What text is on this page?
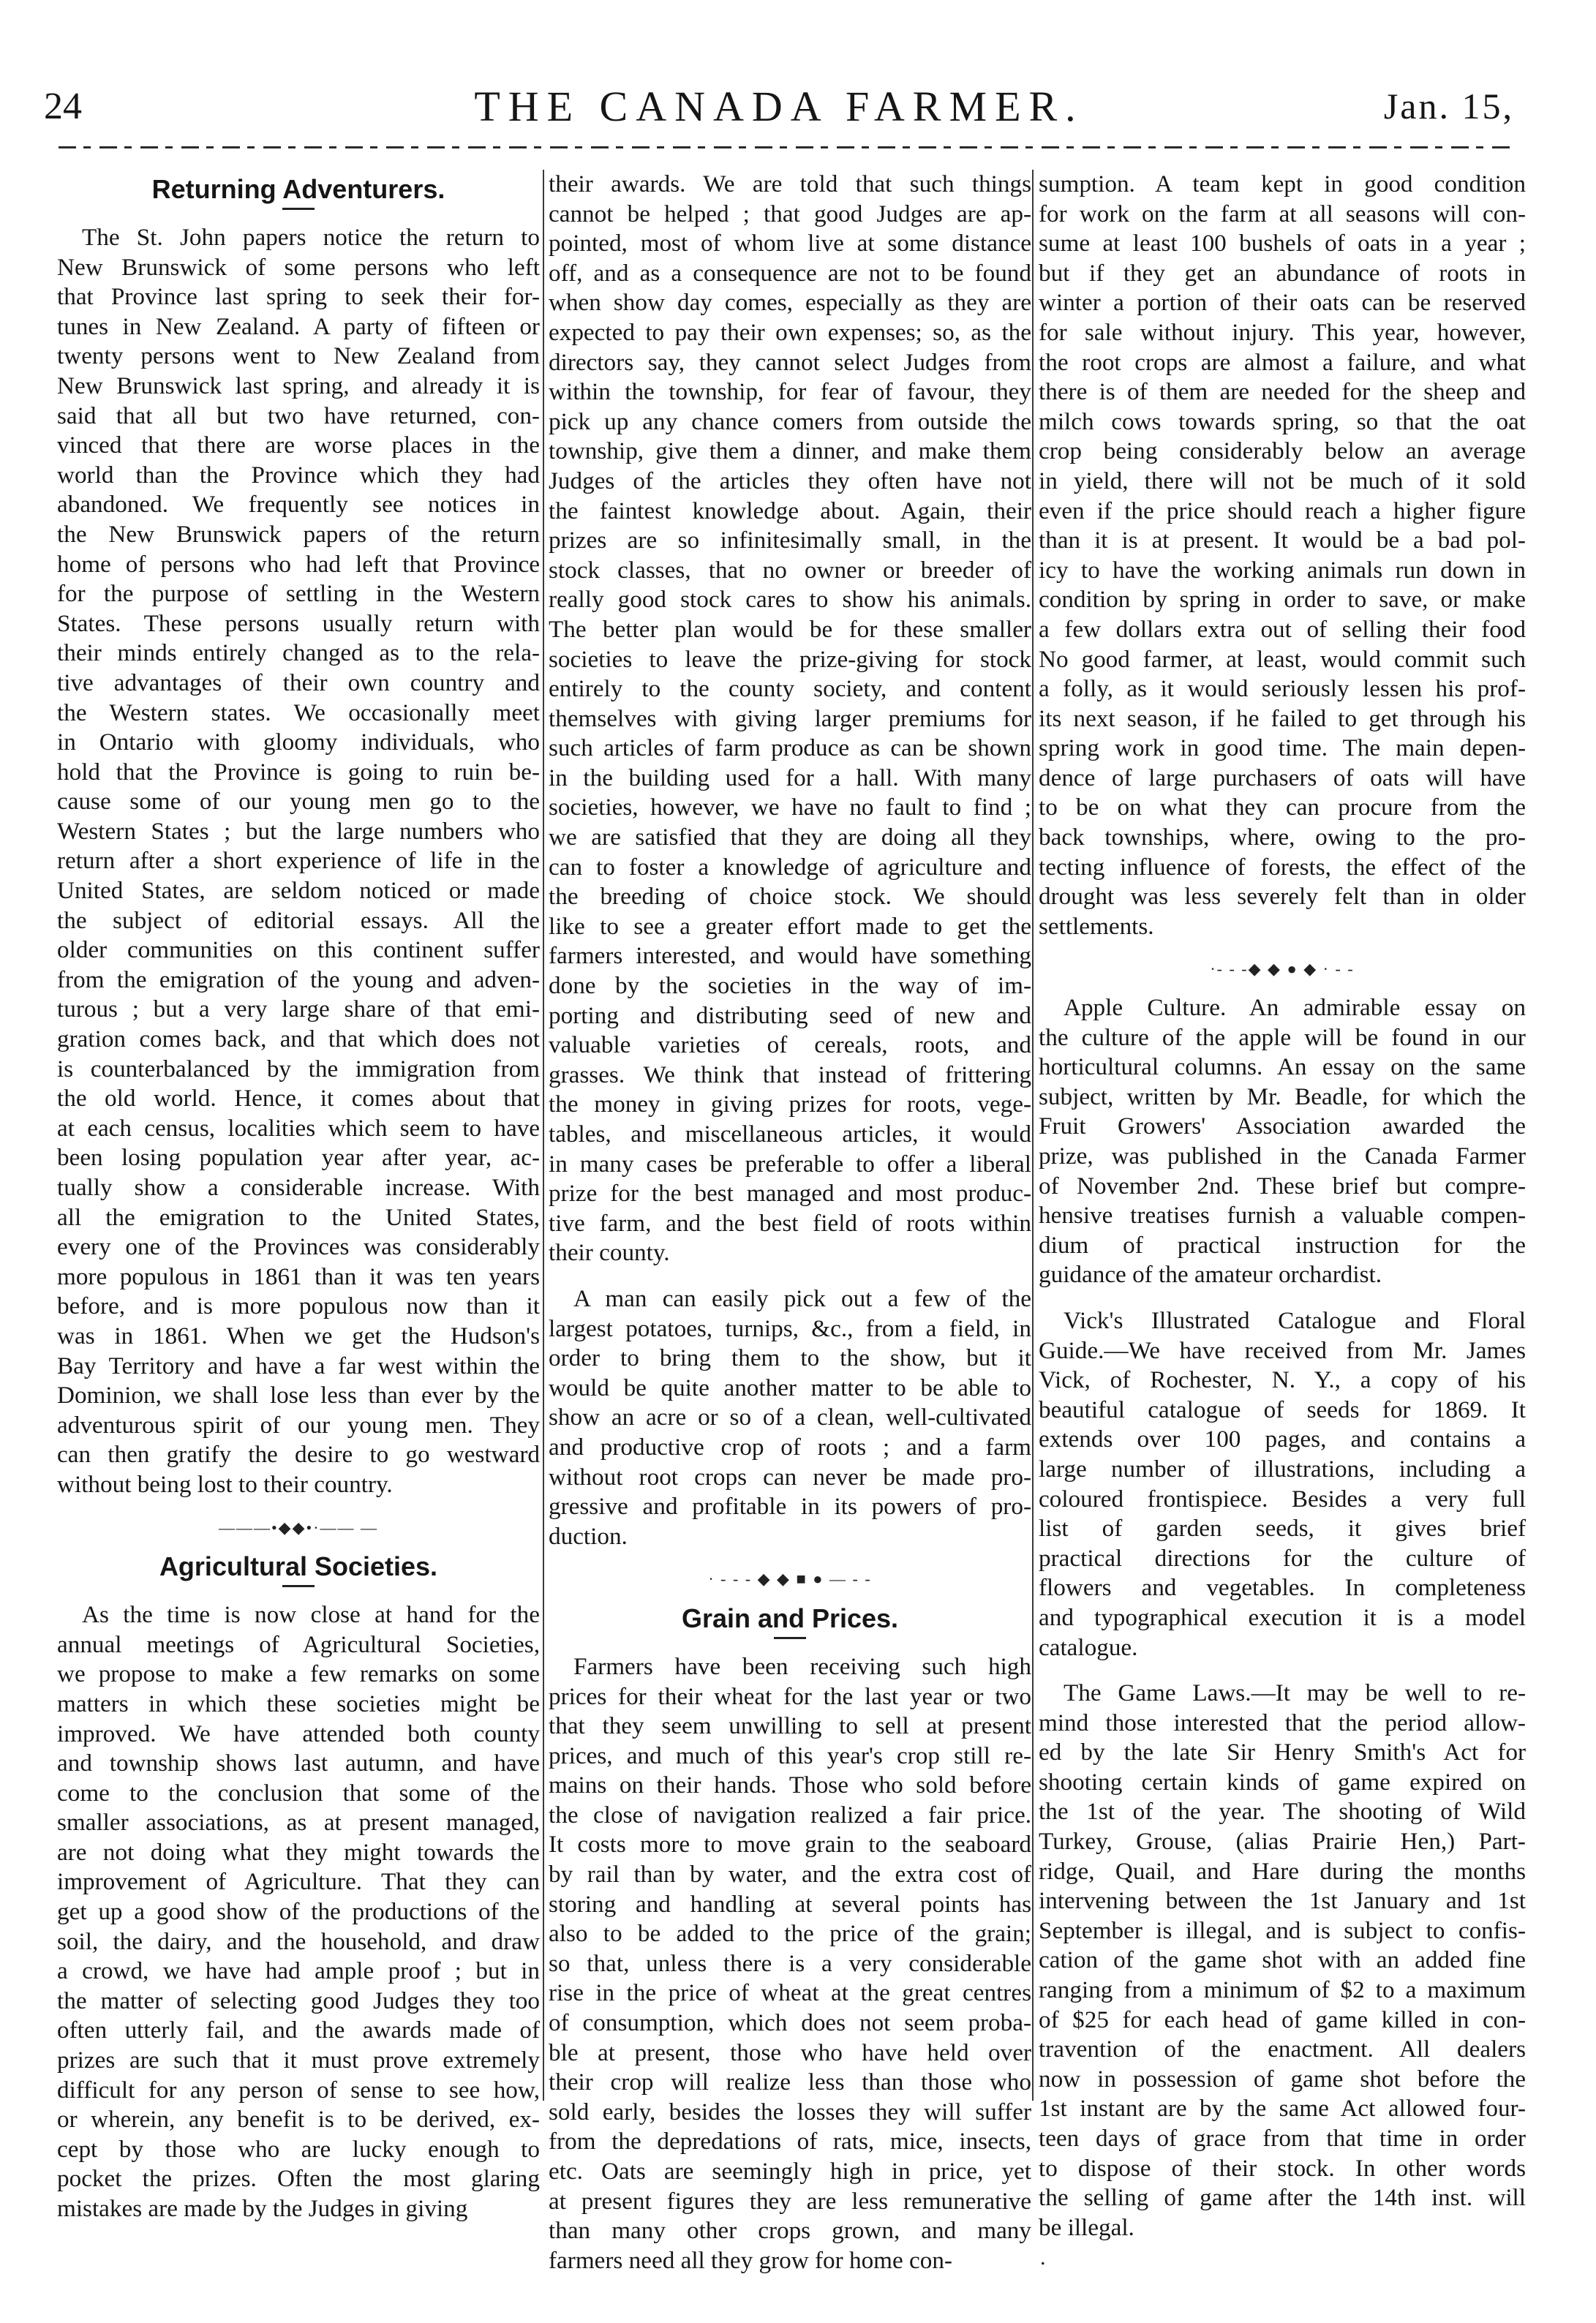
24	THE CANADA FARMER.	Jan. 15,
Returning Adventurers.
The St. John papers notice the return to
New Brunswick of some persons who left
that Province last spring to seek their for-
tunes in New Zealand. A party of fifteen or
twenty persons went to New Zealand from
New Brunswick last spring, and already it is
said that all but two have returned, con-
vinced that there are worse places in the
world than the Province which they had
abandoned. We frequently see notices in
the New Brunswick papers of the return
home of persons who had left that Province
for the purpose of settling in the Western
States. These persons usually return with
their minds entirely changed as to the rela-
tive advantages of their own country and
the Western states. We occasionally meet
in Ontario with gloomy individuals, who
hold that the Province is going to ruin be-
cause some of our young men go to the
Western States ; but the large numbers who
return after a short experience of life in the
United States, are seldom noticed or made
the subject of editorial essays. All the
older communities on this continent suffer
from the emigration of the young and adven-
turous ; but a very large share of that emi-
gration comes back, and that which does not
is counterbalanced by the immigration from
the old world. Hence, it comes about that
at each census, localities which seem to have
been losing population year after year, ac-
tually show a considerable increase. With
all the emigration to the United States,
every one of the Provinces was considerably
more populous in 1861 than it was ten years
before, and is more populous now than it
was in 1861. When we get the Hudson's
Bay Territory and have a far west within the
Dominion, we shall lose less than ever by the
adventurous spirit of our young men. They
can then gratify the desire to go westward
without being lost to their country.
———•◆◆•·—— —
Agricultural Societies.
As the time is now close at hand for the
annual meetings of Agricultural Societies,
we propose to make a few remarks on some
matters in which these societies might be
improved. We have attended both county
and township shows last autumn, and have
come to the conclusion that some of the
smaller associations, as at present managed,
are not doing what they might towards the
improvement of Agriculture. That they can
get up a good show of the productions of the
soil, the dairy, and the household, and draw
a crowd, we have had ample proof ; but in
the matter of selecting good Judges they too
often utterly fail, and the awards made of
prizes are such that it must prove extremely
difficult for any person of sense to see how,
or wherein, any benefit is to be derived, ex-
cept by those who are lucky enough to
pocket the prizes. Often the most glaring
mistakes are made by the Judges in giving
their awards. We are told that such things
cannot be helped ; that good Judges are ap-
pointed, most of whom live at some distance
off, and as a consequence are not to be found
when show day comes, especially as they are
expected to pay their own expenses; so, as the
directors say, they cannot select Judges from
within the township, for fear of favour, they
pick up any chance comers from outside the
township, give them a dinner, and make them
Judges of the articles they often have not
the faintest knowledge about. Again, their
prizes are so infinitesimally small, in the
stock classes, that no owner or breeder of
really good stock cares to show his animals.
The better plan would be for these smaller
societies to leave the prize-giving for stock
entirely to the county society, and content
themselves with giving larger premiums for
such articles of farm produce as can be shown
in the building used for a hall. With many
societies, however, we have no fault to find ;
we are satisfied that they are doing all they
can to foster a knowledge of agriculture and
the breeding of choice stock. We should
like to see a greater effort made to get the
farmers interested, and would have something
done by the societies in the way of im-
porting and distributing seed of new and
valuable varieties of cereals, roots, and
grasses. We think that instead of frittering
the money in giving prizes for roots, vege-
tables, and miscellaneous articles, it would
in many cases be preferable to offer a liberal
prize for the best managed and most produc-
tive farm, and the best field of roots within
their county.
A man can easily pick out a few of the
largest potatoes, turnips, &c., from a field, in
order to bring them to the show, but it
would be quite another matter to be able to
show an acre or so of a clean, well-cultivated
and productive crop of roots ; and a farm
without root crops can never be made pro-
gressive and profitable in its powers of pro-
duction.
· - - - ◆ ◆ ■ ● — - -
Grain and Prices.
Farmers have been receiving such high
prices for their wheat for the last year or two
that they seem unwilling to sell at present
prices, and much of this year's crop still re-
mains on their hands. Those who sold before
the close of navigation realized a fair price.
It costs more to move grain to the seaboard
by rail than by water, and the extra cost of
storing and handling at several points has
also to be added to the price of the grain;
so that, unless there is a very considerable
rise in the price of wheat at the great centres
of consumption, which does not seem proba-
ble at present, those who have held over
their crop will realize less than those who
sold early, besides the losses they will suffer
from the depredations of rats, mice, insects,
etc. Oats are seemingly high in price, yet
at present figures they are less remunerative
than many other crops grown, and many
farmers need all they grow for home con-
sumption. A team kept in good condition
for work on the farm at all seasons will con-
sume at least 100 bushels of oats in a year ;
but if they get an abundance of roots in
winter a portion of their oats can be reserved
for sale without injury. This year, however,
the root crops are almost a failure, and what
there is of them are needed for the sheep and
milch cows towards spring, so that the oat
crop being considerably below an average
in yield, there will not be much of it sold
even if the price should reach a higher figure
than it is at present. It would be a bad pol-
icy to have the working animals run down in
condition by spring in order to save, or make
a few dollars extra out of selling their food
No good farmer, at least, would commit such
a folly, as it would seriously lessen his prof-
its next season, if he failed to get through his
spring work in good time. The main depen-
dence of large purchasers of oats will have
to be on what they can procure from the
back townships, where, owing to the pro-
tecting influence of forests, the effect of the
drought was less severely felt than in older
settlements.
·- - -◆ ◆ ● ◆ · - -
Apple Culture. An admirable essay on
the culture of the apple will be found in our
horticultural columns. An essay on the same
subject, written by Mr. Beadle, for which the
Fruit Growers' Association awarded the
prize, was published in the Canada Farmer
of November 2nd. These brief but compre-
hensive treatises furnish a valuable compen-
dium of practical instruction for the
guidance of the amateur orchardist.
Vick's Illustrated Catalogue and Floral
Guide.—We have received from Mr. James
Vick, of Rochester, N. Y., a copy of his
beautiful catalogue of seeds for 1869. It
extends over 100 pages, and contains a
large number of illustrations, including a
coloured frontispiece. Besides a very full
list of garden seeds, it gives brief
practical directions for the culture of
flowers and vegetables. In completeness
and typographical execution it is a model
catalogue.
The Game Laws.—It may be well to re-
mind those interested that the period allow-
ed by the late Sir Henry Smith's Act for
shooting certain kinds of game expired on
the 1st of the year. The shooting of Wild
Turkey, Grouse, (alias Prairie Hen,) Part-
ridge, Quail, and Hare during the months
intervening between the 1st January and 1st
September is illegal, and is subject to confis-
cation of the game shot with an added fine
ranging from a minimum of $2 to a maximum
of $25 for each head of game killed in con-
travention of the enactment. All dealers
now in possession of game shot before the
1st instant are by the same Act allowed four-
teen days of grace from that time in order
to dispose of their stock. In other words
the selling of game after the 14th inst. will
be illegal.
.
